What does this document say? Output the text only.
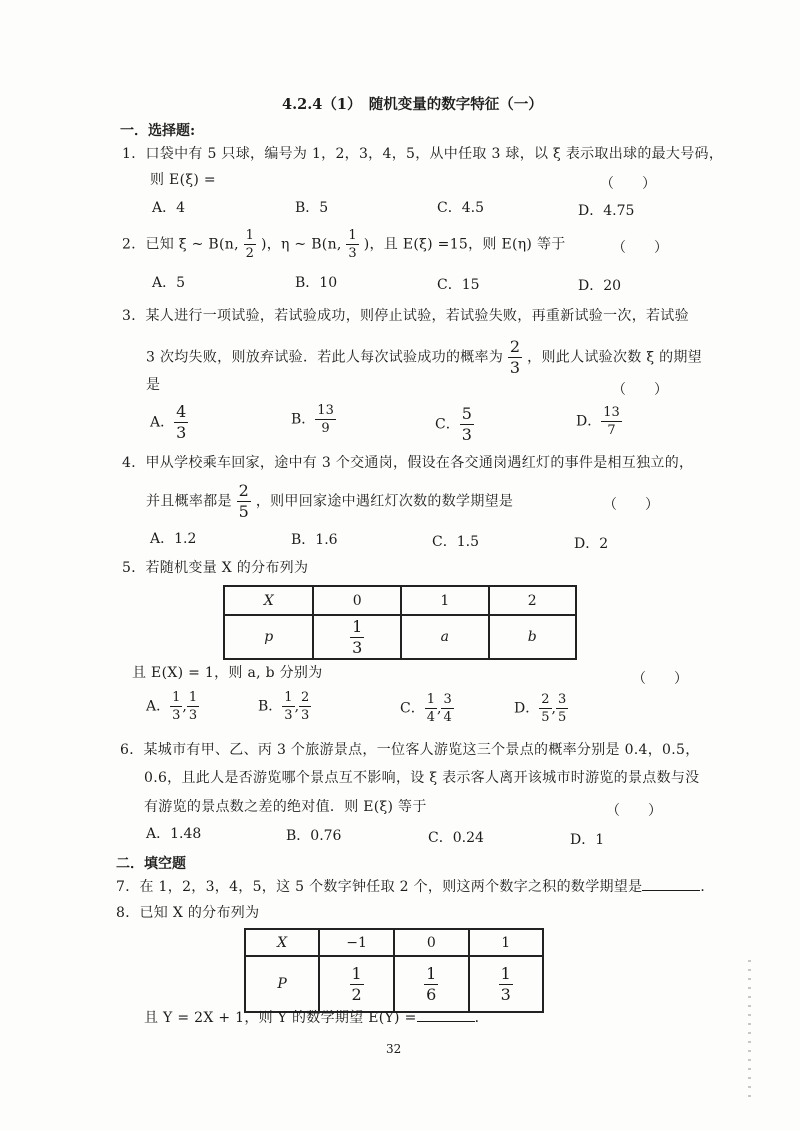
4.2.4（1）　随机变量的数字特征（一）
一．选择题:
1．口袋中有 5 只球，编号为 1，2，3，4，5，从中任取 3 球，以 ξ 表示取出球的最大号码，
则 E(ξ) =	（　　）
A．4	B．5	C．4.5	D．4.75
2．已知 ξ ~ B(n, $\frac{1}{2}$ )，η ~ B(n, $\frac{1}{3}$ )，且 E(ξ) =15，则 E(η) 等于	（　　）
A．5	B．10	C．15	D．20
3．某人进行一项试验，若试验成功，则停止试验，若试验失败，再重新试验一次，若试验
3 次均失败，则放弃试验．若此人每次试验成功的概率为 $\frac{2}{3}$ ，则此人试验次数 ξ 的期望
是	（　　）
A． $\frac{4}{3}$	B． $\frac{13}{9}$	C． $\frac{5}{3}$	D． $\frac{13}{7}$
4．甲从学校乘车回家，途中有 3 个交通岗，假设在各交通岗遇红灯的事件是相互独立的，
并且概率都是 $\frac{2}{5}$ ，则甲回家途中遇红灯次数的数学期望是	（　　）
A．1.2	B．1.6	C．1.5	D．2
5．若随机变量 X 的分布列为
X	0	1	2
p	$\frac{1}{3}$	a	b
且 E(X) = 1，则 a, b 分别为	（　　）
A． $\frac{1}{3}$ , $\frac{1}{3}$	B． $\frac{1}{3}$ , $\frac{2}{3}$	C． $\frac{1}{4}$ , $\frac{3}{4}$	D． $\frac{2}{5}$ , $\frac{3}{5}$
6．某城市有甲、乙、丙 3 个旅游景点，一位客人游览这三个景点的概率分别是 0.4，0.5，
0.6，且此人是否游览哪个景点互不影响，设 ξ 表示客人离开该城市时游览的景点数与没
有游览的景点数之差的绝对值．则 E(ξ) 等于	（　　）
A．1.48	B．0.76	C．0.24	D．1
二．填空题
7．在 1，2，3，4，5，这 5 个数字钟任取 2 个，则这两个数字之积的数学期望是	．
8．已知 X 的分布列为
X	−1	0	1
P	$\frac{1}{2}$	$\frac{1}{6}$	$\frac{1}{3}$
且 Y = 2X + 1，则 Y 的数学期望 E(Y) =	．
32
